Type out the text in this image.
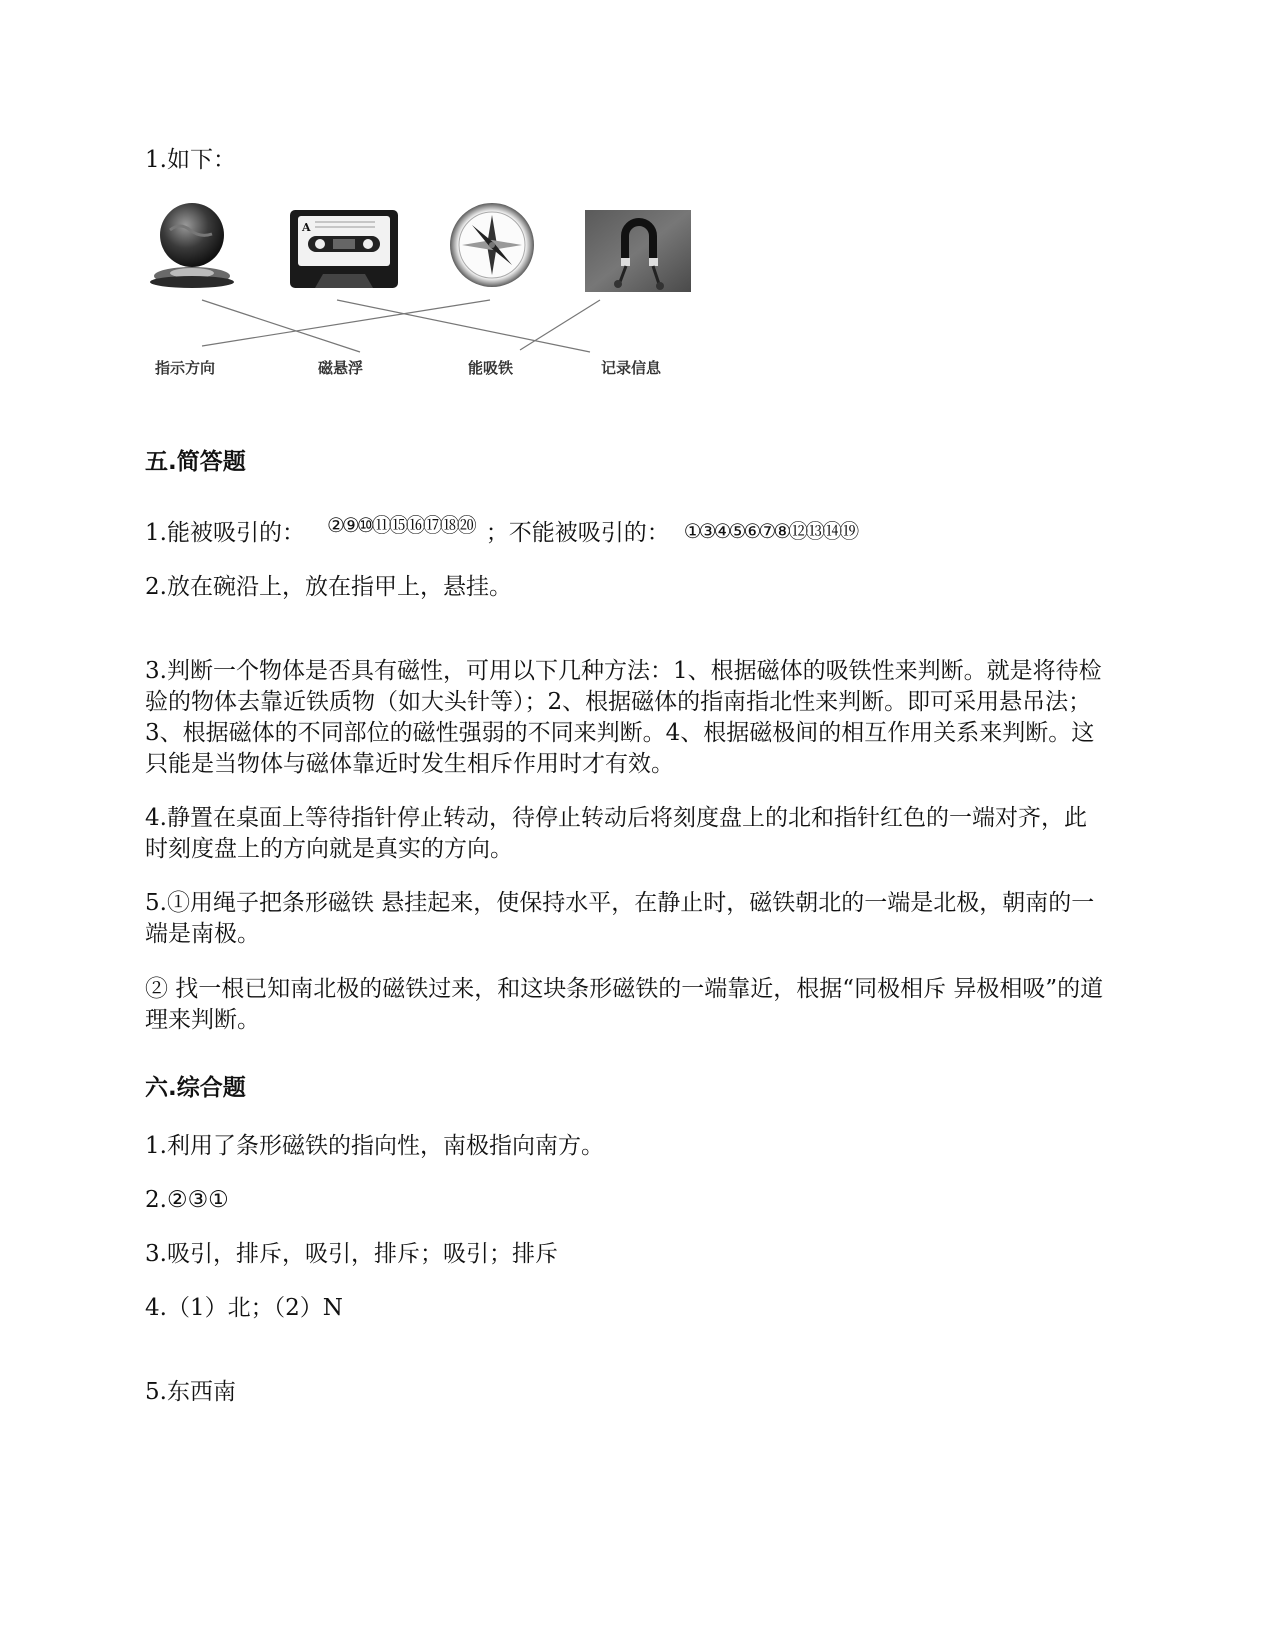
1.如下：
A
指示方向	磁悬浮	能吸铁	记录信息
五.简答题
1.能被吸引的： ②⑨⑩⑪⑮⑯⑰⑱⑳ ；不能被吸引的： ①③④⑤⑥⑦⑧⑫⑬⑭⑲
2.放在碗沿上，放在指甲上，悬挂。
3.判断一个物体是否具有磁性，可用以下几种方法：1、根据磁体的吸铁性来判断。就是将待检验的物体去靠近铁质物（如大头针等）；2、根据磁体的指南指北性来判断。即可采用悬吊法；3、根据磁体的不同部位的磁性强弱的不同来判断。4、根据磁极间的相互作用关系来判断。这只能是当物体与磁体靠近时发生相斥作用时才有效。
4.静置在桌面上等待指针停止转动，待停止转动后将刻度盘上的北和指针红色的一端对齐，此时刻度盘上的方向就是真实的方向。
5.①用绳子把条形磁铁 悬挂起来，使保持水平，在静止时，磁铁朝北的一端是北极，朝南的一端是南极。
② 找一根已知南北极的磁铁过来，和这块条形磁铁的一端靠近，根据“同极相斥 异极相吸”的道理来判断。
六.综合题
1.利用了条形磁铁的指向性，南极指向南方。
2.②③①
3.吸引，排斥，吸引，排斥；吸引；排斥
4.（1）北；（2）N
5.东西南
